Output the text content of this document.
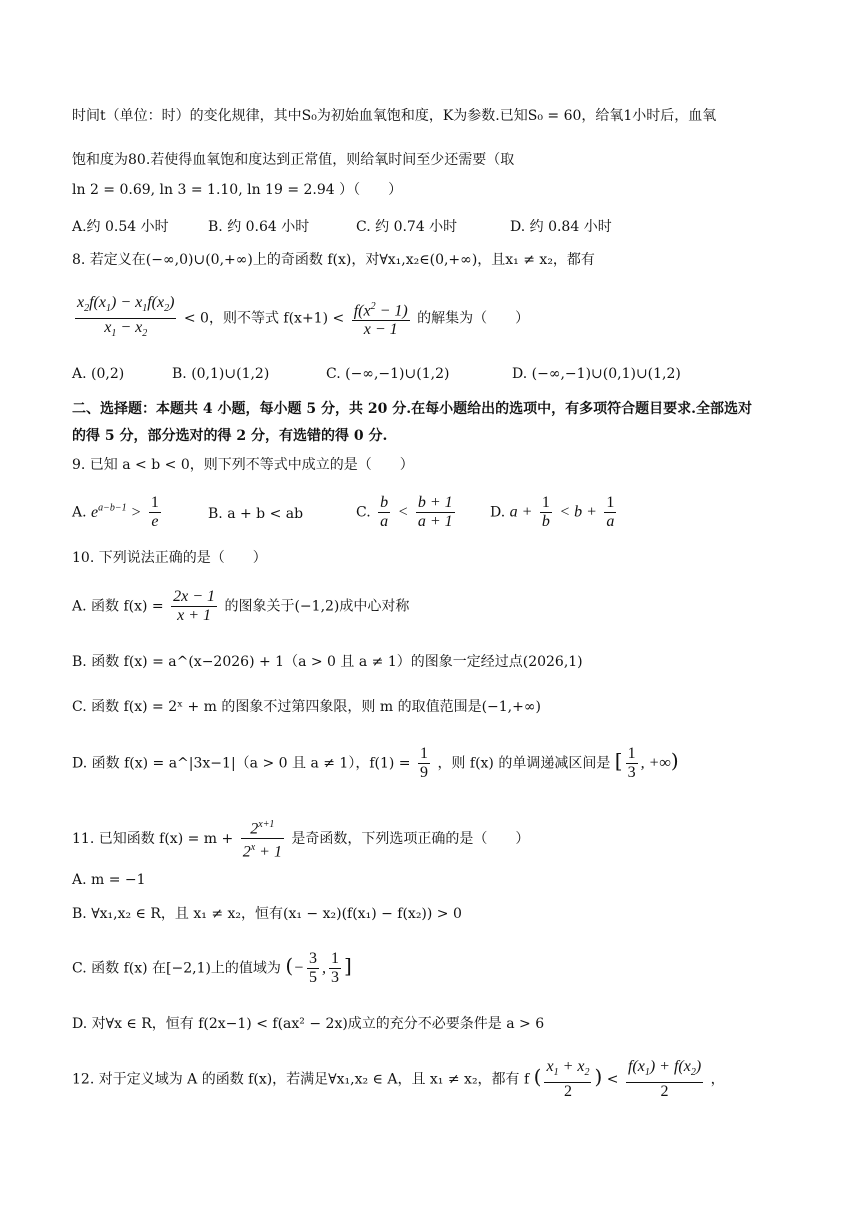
时间t（单位：时）的变化规律，其中S₀为初始血氧饱和度，K为参数.已知S₀ = 60，给氧1小时后，血氧
饱和度为80.若使得血氧饱和度达到正常值，则给氧时间至少还需要（取
ln 2 = 0.69, ln 3 = 1.10, ln 19 = 2.94 ）（　　）
A.约 0.54 小时	B. 约 0.64 小时	C. 约 0.74 小时	D. 约 0.84 小时
8. 若定义在(−∞,0)∪(0,+∞)上的奇函数 f(x)，对∀x₁,x₂∈(0,+∞)，且x₁ ≠ x₂，都有
$\frac{x_2f(x_1) - x_1f(x_2)}{x_1 - x_2} < 0$，则不等式 $f(x+1) < \frac{f(x^2 - 1)}{x - 1}$ 的解集为（　　）
A. (0,2)	B. (0,1)∪(1,2)	C. (−∞,−1)∪(1,2)	D. (−∞,−1)∪(0,1)∪(1,2)
二、选择题：本题共 4 小题，每小题 5 分，共 20 分.在每小题给出的选项中，有多项符合题目要求.全部选对
的得 5 分，部分选对的得 2 分，有选错的得 0 分.
9. 已知 a < b < 0，则下列不等式中成立的是（　　）
A. $e^{a-b-1} > \frac{1}{e}$	B. a + b < ab	C. $\frac{b}{a} < \frac{b + 1}{a + 1}$	D. $a + \frac{1}{b} < b + \frac{1}{a}$
10. 下列说法正确的是（　　）
A. 函数 $f(x) = \frac{2x - 1}{x + 1}$ 的图象关于(−1,2)成中心对称
B. 函数 f(x) = a^(x−2026) + 1（a > 0 且 a ≠ 1）的图象一定经过点(2026,1)
C. 函数 f(x) = 2ˣ + m 的图象不过第四象限，则 m 的取值范围是(−1,+∞)
D. 函数 f(x) = a^|3x−1|（a > 0 且 a ≠ 1），$f(1) = \frac{1}{9}$ ，则 f(x) 的单调递减区间是 [ $\frac{1}{3}$ , +∞)
11. 已知函数 $f(x) = m + \frac{2^{x+1}}{2^x + 1}$ 是奇函数，下列选项正确的是（　　）
A. m = −1
B. ∀x₁,x₂ ∈ R，且 x₁ ≠ x₂，恒有(x₁ − x₂)(f(x₁) − f(x₂)) > 0
C. 函数 f(x) 在[−2,1)上的值域为 (− $\frac{3}{5}$ , $\frac{1}{3}$ ]
D. 对∀x ∈ R，恒有 f(2x−1) < f(ax² − 2x)成立的充分不必要条件是 a > 6
12. 对于定义域为 A 的函数 f(x)，若满足∀x₁,x₂ ∈ A，且 x₁ ≠ x₂，都有 f ( $\frac{x_1 + x_2}{2}$ ) < $\frac{f(x_1) + f(x_2)}{2}$ ，
